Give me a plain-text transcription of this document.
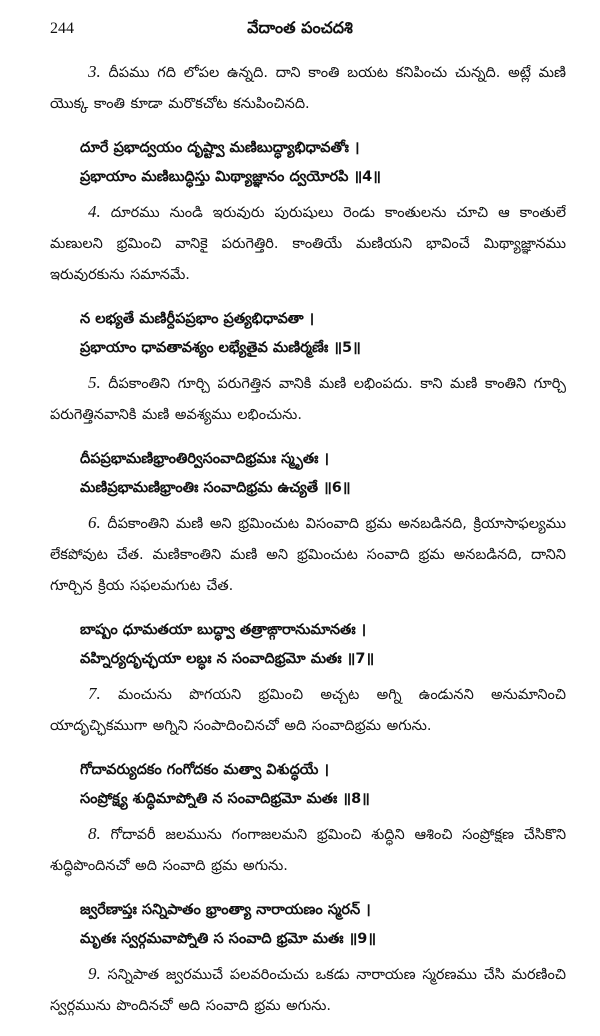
244	వేదాంత పంచదశి
3. దీపము గది లోపల ఉన్నది. దాని కాంతి బయట కనిపించు చున్నది. అట్లే మణి యొక్క కాంతి కూడా మరొకచోట కనుపించినది.
దూరే ప్రభాద్వయం దృష్ట్వా మణిబుద్ధ్యాభిధావతోః ।
ప్రభాయాం మణిబుద్ధిస్తు మిథ్యాజ్ఞానం ద్వయోరపి ॥4॥
4. దూరము నుండి ఇరువురు పురుషులు రెండు కాంతులను చూచి ఆ కాంతులే మణులని భ్రమించి వానికై పరుగెత్తిరి. కాంతియే మణియని భావించే మిథ్యాజ్ఞానము ఇరువురకును సమానమే.
న లభ్యతే మణిర్దీపప్రభాం ప్రత్యభిధావతా ।
ప్రభాయాం ధావతావశ్యం లభ్యేతైవ మణిర్మణేః ॥5॥
5. దీపకాంతిని గూర్చి పరుగెత్తిన వానికి మణి లభింపదు. కాని మణి కాంతిని గూర్చి పరుగెత్తినవానికి మణి అవశ్యము లభించును.
దీపప్రభామణిభ్రాంతిర్విసంవాదిభ్రమః స్మృతః ।
మణిప్రభామణిభ్రాంతిః సంవాదిభ్రమ ఉచ్యతే ॥6॥
6. దీపకాంతిని మణి అని భ్రమించుట విసంవాది భ్రమ అనబడినది, క్రియాసాఫల్యము లేకపోవుట చేత. మణికాంతిని మణి అని భ్రమించుట సంవాది భ్రమ అనబడినది, దానిని గూర్చిన క్రియ సఫలమగుట చేత.
బాష్పం ధూమతయా బుద్ధ్వా తత్రాఙ్గారానుమానతః ।
వహ్నిర్యదృచ్ఛయా లబ్ధః న సంవాదిభ్రమో మతః ॥7॥
7. మంచును పొగయని భ్రమించి అచ్చట అగ్ని ఉండునని అనుమానించి యాదృచ్ఛికముగా అగ్నిని సంపాదించినచో అది సంవాదిభ్రమ అగును.
గోదావర్యుదకం గంగోదకం మత్వా విశుద్ధయే ।
సంప్రోక్ష్య శుద్ధిమాప్నోతి న సంవాదిభ్రమో మతః ॥8॥
8. గోదావరీ జలమును గంగాజలమని భ్రమించి శుద్ధిని ఆశించి సంప్రోక్షణ చేసికొని శుద్ధిపొందినచో అది సంవాది భ్రమ అగును.
జ్వరేణాప్తః సన్నిపాతం భ్రాంత్యా నారాయణం స్మరన్ ।
మృతః స్వర్గమవాప్నోతి స సంవాది భ్రమో మతః ॥9॥
9. సన్నిపాత జ్వరముచే పలవరించుచు ఒకడు నారాయణ స్మరణము చేసి మరణించి స్వర్గమును పొందినచో అది సంవాది భ్రమ అగును.
